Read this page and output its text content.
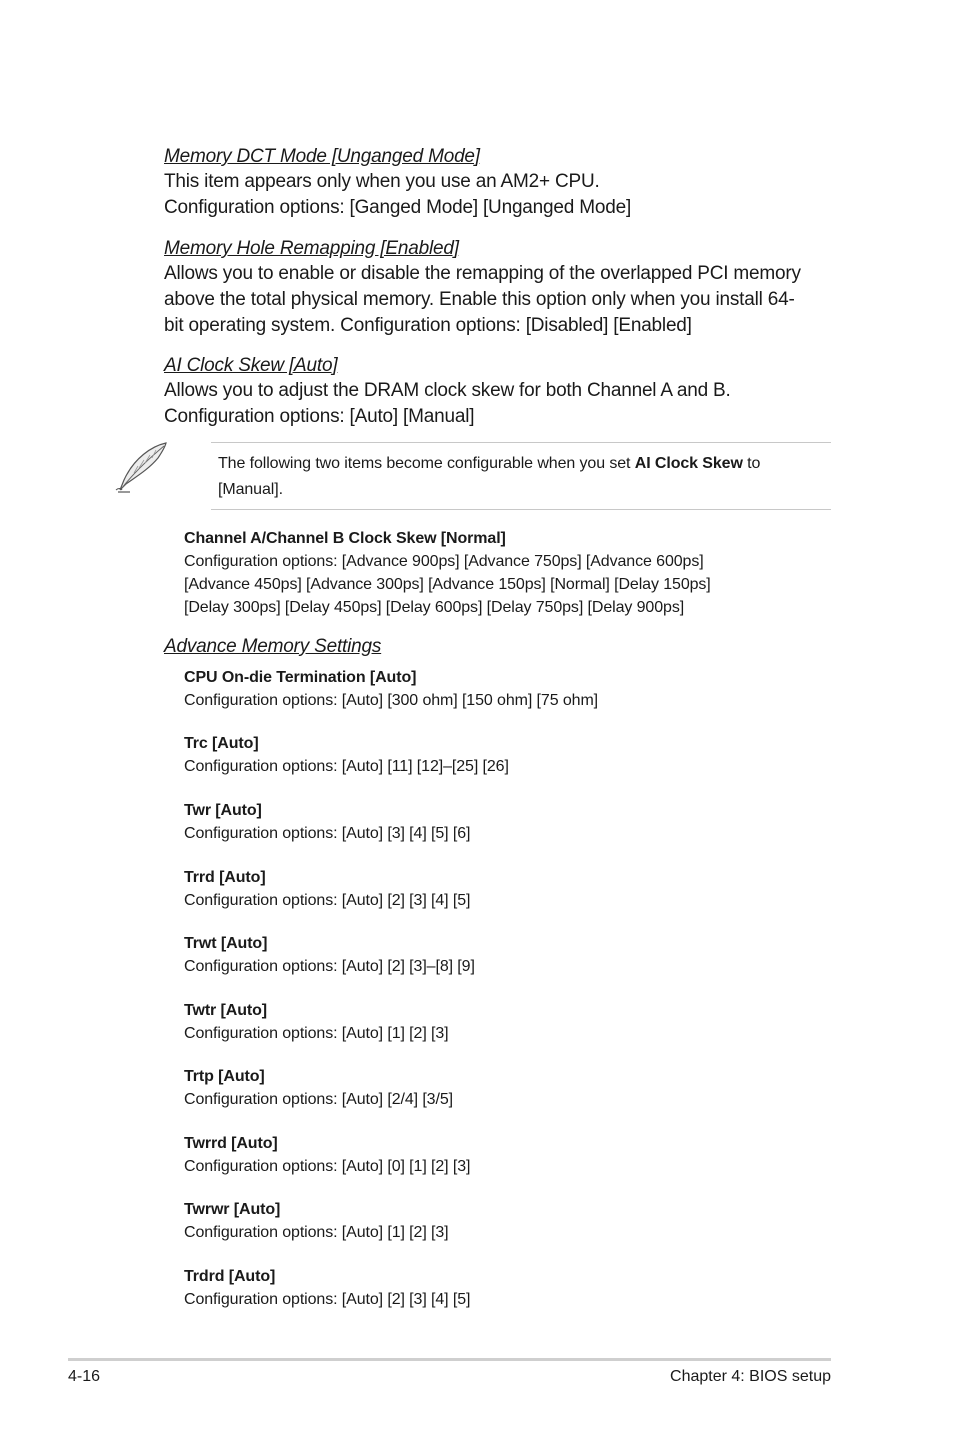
Memory DCT Mode [Unganged Mode]

This item appears only when you use an AM2+ CPU.

Configuration options: [Ganged Mode] [Unganged Mode]

Memory Hole Remapping [Enabled]

Allows you to enable or disable the remapping of the overlapped PCI memory

above the total physical memory. Enable this option only when you install 64-

bit operating system. Configuration options: [Disabled] [Enabled]

AI Clock Skew [Auto]

Allows you to adjust the DRAM clock skew for both Channel A and B.

Configuration options: [Auto] [Manual]

The following two items become configurable when you set AI Clock Skew to [Manual].

Channel A/Channel B Clock Skew [Normal]

Configuration options: [Advance 900ps] [Advance 750ps] [Advance 600ps]

[Advance 450ps] [Advance 300ps] [Advance 150ps] [Normal] [Delay 150ps]

[Delay 300ps] [Delay 450ps] [Delay 600ps] [Delay 750ps] [Delay 900ps]

Advance Memory Settings

CPU On-die Termination [Auto]

Configuration options: [Auto] [300 ohm] [150 ohm] [75 ohm]

Trc [Auto]

Configuration options: [Auto] [11] [12]–[25] [26]

Twr [Auto]

Configuration options: [Auto] [3] [4] [5] [6]

Trrd [Auto]

Configuration options: [Auto] [2] [3] [4] [5]

Trwt [Auto]

Configuration options: [Auto] [2] [3]–[8] [9]

Twtr [Auto]

Configuration options: [Auto] [1] [2] [3]

Trtp [Auto]

Configuration options: [Auto] [2/4] [3/5]

Twrrd [Auto]

Configuration options: [Auto] [0] [1] [2] [3]

Twrwr [Auto]

Configuration options: [Auto] [1] [2] [3]

Trdrd [Auto]

Configuration options: [Auto] [2] [3] [4] [5]

4-16	Chapter 4: BIOS setup
